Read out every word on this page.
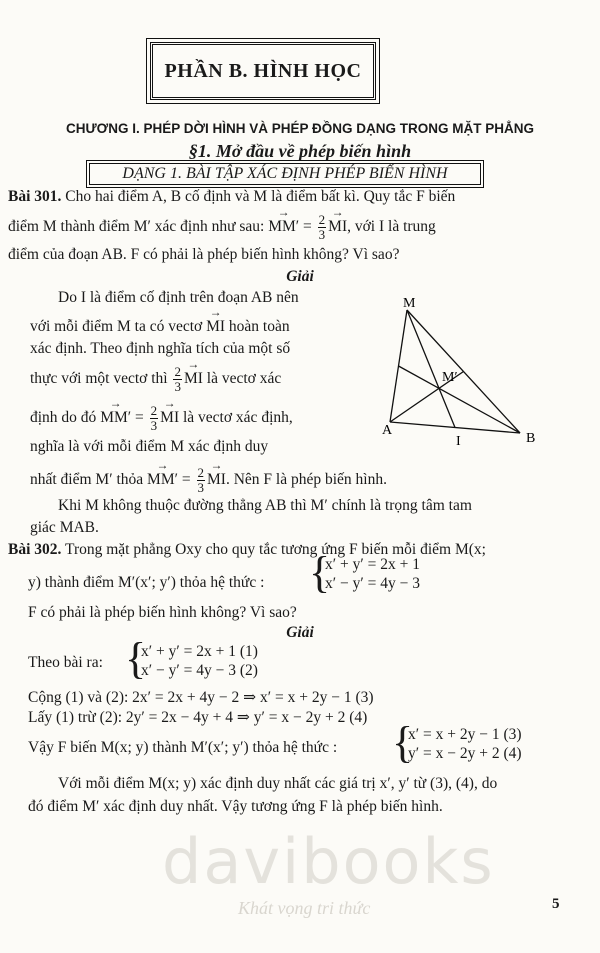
PHẦN B. HÌNH HỌC
CHƯƠNG I. PHÉP DỜI HÌNH VÀ PHÉP ĐỒNG DẠNG TRONG MẶT PHẲNG
§1. Mở đầu về phép biến hình
DẠNG 1. BÀI TẬP XÁC ĐỊNH PHÉP BIẾN HÌNH
Bài 301. Cho hai điểm A, B cố định và M là điểm bất kì. Quy tắc F biến
điểm M thành điểm M′ xác định như sau: → $MM' = \frac{2}{3}$ → MI, với I là trung
điểm của đoạn AB. F có phải là phép biến hình không? Vì sao?
Giải
Do I là điểm cố định trên đoạn AB nên
với mỗi điểm M ta có vectơ → MI hoàn toàn
xác định. Theo định nghĩa tích của một số
thực với một vectơ thì $\frac{2}{3}$ → MI là vectơ xác
định do đó → $MM' = \frac{2}{3}$ → MI là vectơ xác định,
nghĩa là với mỗi điểm M xác định duy
nhất điểm M′ thỏa → $MM' = \frac{2}{3}$ → MI. Nên F là phép biến hình.
Khi M không thuộc đường thẳng AB thì M′ chính là trọng tâm tam
giác MAB.
M
M′
A
I	B
Bài 302. Trong mặt phẳng Oxy cho quy tắc tương ứng F biến mỗi điểm M(x;
y) thành điểm M′(x′; y′) thỏa hệ thức : {
x′ + y′ = 2x + 1
x′ − y′ = 4y − 3
F có phải là phép biến hình không? Vì sao?
Giải
Theo bài ra: {
x′ + y′ = 2x + 1 (1)
x′ − y′ = 4y − 3 (2)
Cộng (1) và (2): 2x′ = 2x + 4y − 2 ⇒ x′ = x + 2y − 1 (3)
Lấy (1) trừ (2): 2y′ = 2x − 4y + 4 ⇒ y′ = x − 2y + 2 (4)
Vậy F biến M(x; y) thành M′(x′; y′) thỏa hệ thức : {
x′ = x + 2y − 1 (3)
y′ = x − 2y + 2 (4)
Với mỗi điểm M(x; y) xác định duy nhất các giá trị x′, y′ từ (3), (4), do
đó điểm M′ xác định duy nhất. Vậy tương ứng F là phép biến hình.
davibooks
Khát vọng tri thức	5
